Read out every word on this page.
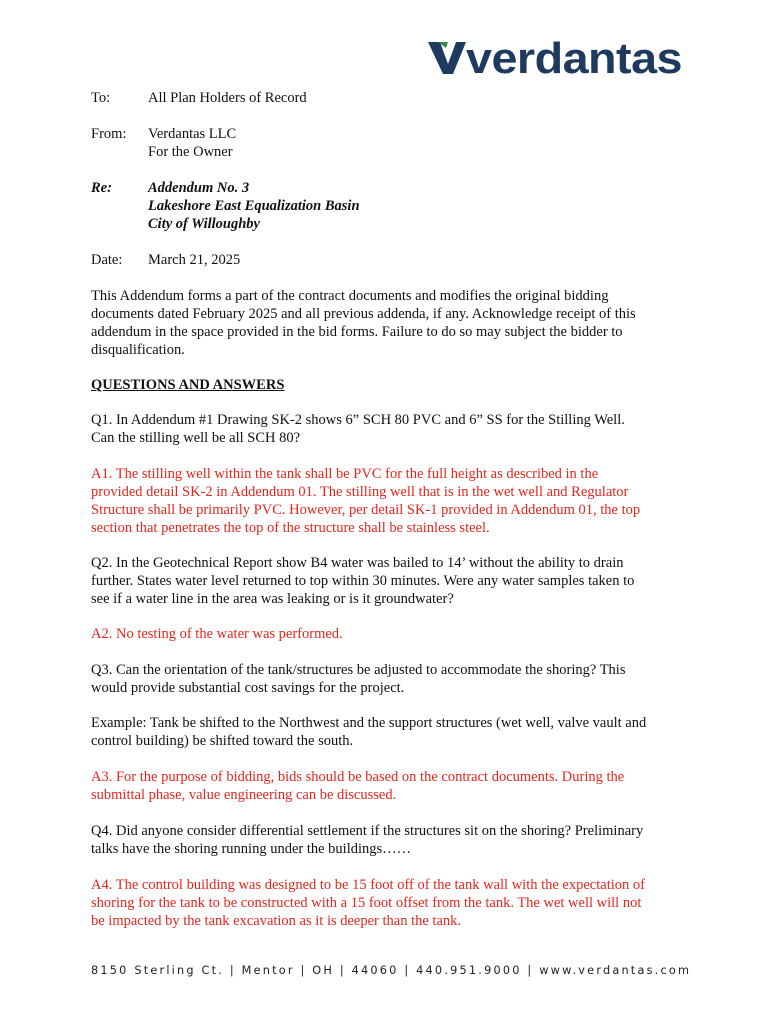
verdantas
To:	All Plan Holders of Record
From: Verdantas LLC
For the Owner
Re: Addendum No. 3
Lakeshore East Equalization Basin
City of Willoughby
Date: March 21, 2025

This Addendum forms a part of the contract documents and modifies the original bidding

documents dated February 2025 and all previous addenda, if any. Acknowledge receipt of this

addendum in the space provided in the bid forms. Failure to do so may subject the bidder to

disqualification.

QUESTIONS AND ANSWERS

Q1. In Addendum #1 Drawing SK-2 shows 6” SCH 80 PVC and 6” SS for the Stilling Well.

Can the stilling well be all SCH 80?

A1. The stilling well within the tank shall be PVC for the full height as described in the

provided detail SK-2 in Addendum 01. The stilling well that is in the wet well and Regulator

Structure shall be primarily PVC. However, per detail SK-1 provided in Addendum 01, the top

section that penetrates the top of the structure shall be stainless steel.

Q2. In the Geotechnical Report show B4 water was bailed to 14’ without the ability to drain

further. States water level returned to top within 30 minutes. Were any water samples taken to

see if a water line in the area was leaking or is it groundwater?

A2. No testing of the water was performed.

Q3. Can the orientation of the tank/structures be adjusted to accommodate the shoring? This

would provide substantial cost savings for the project.

Example: Tank be shifted to the Northwest and the support structures (wet well, valve vault and

control building) be shifted toward the south.

A3. For the purpose of bidding, bids should be based on the contract documents. During the

submittal phase, value engineering can be discussed.

Q4. Did anyone consider differential settlement if the structures sit on the shoring? Preliminary

talks have the shoring running under the buildings……

A4. The control building was designed to be 15 foot off of the tank wall with the expectation of

shoring for the tank to be constructed with a 15 foot offset from the tank. The wet well will not

be impacted by the tank excavation as it is deeper than the tank.

8150 Sterling Ct. | Mentor | OH | 44060 | 440.951.9000 | www.verdantas.com
